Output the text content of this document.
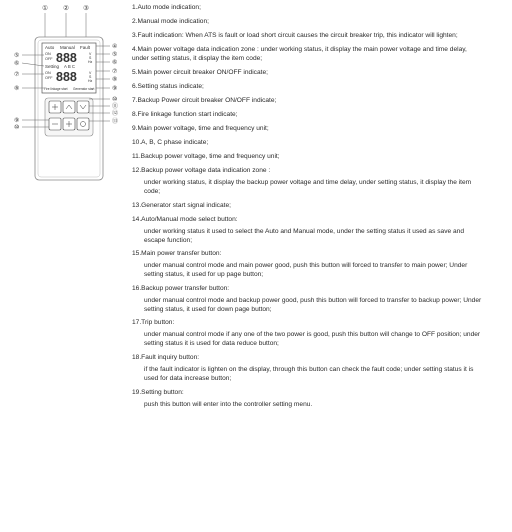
① ② ③
Auto Manual Fault
ON
OFF 888	V
S
Hz
Setting A B C
ON
OFF 888	V
S
Hz
Fire linkage start Generator start
⑤
⑥
⑦
⑧
⑨
⑩
④
⑤
⑥
⑦
⑧
⑨
⑩
⑪
⑫
⑬
1.Auto mode indication;
2.Manual mode indication;
3.Fault indication: When ATS is fault or load short circuit causes the circuit breaker trip, this indicator will lighten;
4.Main power voltage data indication zone : under working status, it display the main power voltage and time delay, under setting status, it display the item code;
5.Main power circuit breaker ON/OFF indicate;
6.Setting status indicate;
7.Backup Power circuit breaker ON/OFF indicate;
8.Fire linkage function start indicate;
9.Main power voltage, time and frequency unit;
10.A, B, C phase indicate;
11.Backup power voltage, time and frequency unit;
12.Backup power voltage data indication zone :
under working status, it display the backup power voltage and time delay, under setting status, it display the item code;
13.Generator start signal indicate;
14.Auto/Manual mode select button:
under working status it used to select the Auto and Manual mode, under the setting status it used as save and escape function;
15.Main power transfer button:
under manual control mode and main power good, push this button will forced to transfer to main power; Under setting status, it used for up page button;
16.Backup power transfer button:
under manual control mode and backup power good, push this button will forced to transfer to backup power; Under setting status, it used for down page button;
17.Trip button:
under manual control mode if any one of the two power is good, push this button will change to OFF position; under setting status it is used for data reduce button;
18.Fault inquiry button:
if the fault indicator is lighten on the display, through this button can check the fault code; under setting status it is used for data increase button;
19.Setting button:
push this button will enter into the controller setting menu.
